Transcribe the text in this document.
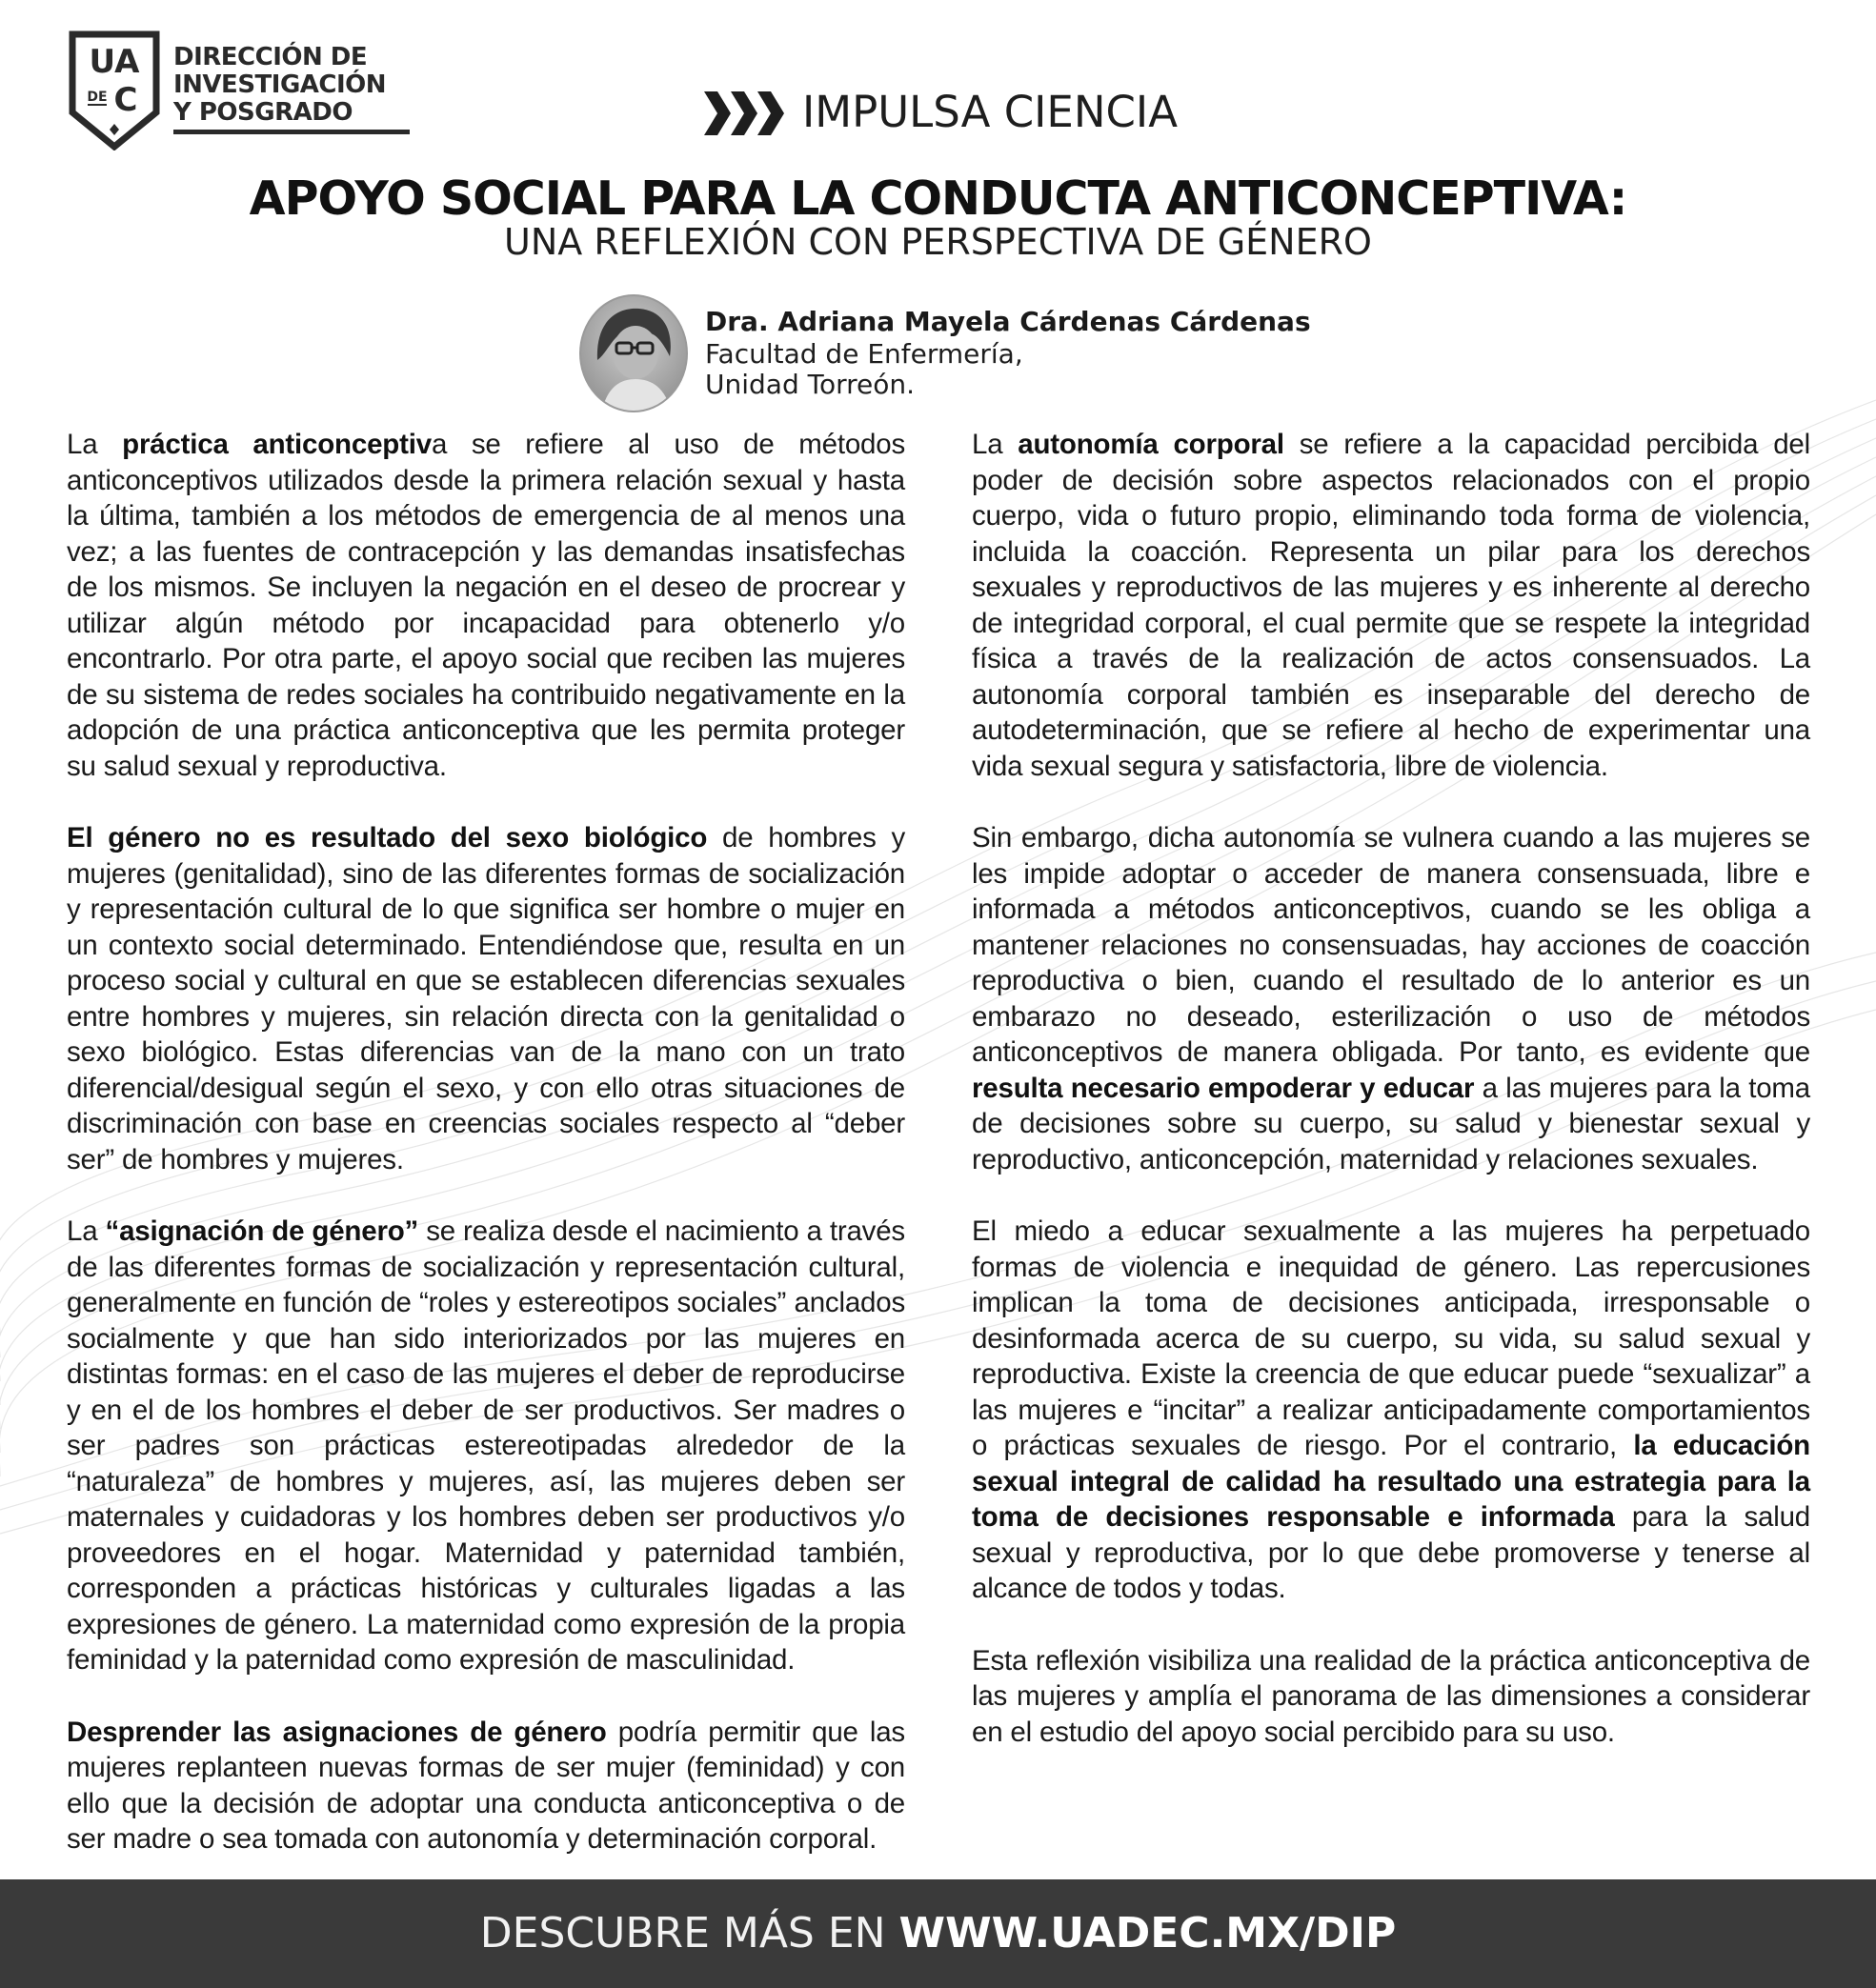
UA
DE C
DIRECCIÓN DE
INVESTIGACIÓN
Y POSGRADO	IMPULSA CIENCIA
APOYO SOCIAL PARA LA CONDUCTA ANTICONCEPTIVA:
UNA REFLEXIÓN CON PERSPECTIVA DE GÉNERO
Dra. Adriana Mayela Cárdenas Cárdenas
Facultad de Enfermería,
Unidad Torreón.

La práctica anticonceptiva se refiere al uso de métodos anticonceptivos utilizados desde la primera relación sexual y hasta la última, también a los métodos de emergencia de al menos una vez; a las fuentes de contracepción y las demandas insatisfechas de los mismos. Se incluyen la negación en el deseo de procrear y utilizar algún método por incapacidad para obtenerlo y/o encontrarlo. Por otra parte, el apoyo social que reciben las mujeres de su sistema de redes sociales ha contribuido negativamente en la adopción de una práctica anticonceptiva que les permita proteger su salud sexual y reproductiva.

El género no es resultado del sexo biológico de hombres y mujeres (genitalidad), sino de las diferentes formas de socialización y representación cultural de lo que significa ser hombre o mujer en un contexto social determinado. Entendiéndose que, resulta en un proceso social y cultural en que se establecen diferencias sexuales entre hombres y mujeres, sin relación directa con la genitalidad o sexo biológico. Estas diferencias van de la mano con un trato diferencial/desigual según el sexo, y con ello otras situaciones de discriminación con base en creencias sociales respecto al “deber ser” de hombres y mujeres.

La “asignación de género” se realiza desde el nacimiento a través de las diferentes formas de socialización y representación cultural, generalmente en función de “roles y estereotipos sociales” anclados socialmente y que han sido interiorizados por las mujeres en distintas formas: en el caso de las mujeres el deber de reproducirse y en el de los hombres el deber de ser productivos. Ser madres o ser padres son prácticas estereotipadas alrededor de la “naturaleza” de hombres y mujeres, así, las mujeres deben ser maternales y cuidadoras y los hombres deben ser productivos y/o proveedores en el hogar. Maternidad y paternidad también, corresponden a prácticas históricas y culturales ligadas a las expresiones de género. La maternidad como expresión de la propia feminidad y la paternidad como expresión de masculinidad.

Desprender las asignaciones de género podría permitir que las mujeres replanteen nuevas formas de ser mujer (feminidad) y con ello que la decisión de adoptar una conducta anticonceptiva o de ser madre o sea tomada con autonomía y determinación corporal.

La autonomía corporal se refiere a la capacidad percibida del poder de decisión sobre aspectos relacionados con el propio cuerpo, vida o futuro propio, eliminando toda forma de violencia, incluida la coacción. Representa un pilar para los derechos sexuales y reproductivos de las mujeres y es inherente al derecho de integridad corporal, el cual permite que se respete la integridad física a través de la realización de actos consensuados. La autonomía corporal también es inseparable del derecho de autodeterminación, que se refiere al hecho de experimentar una vida sexual segura y satisfactoria, libre de violencia.

Sin embargo, dicha autonomía se vulnera cuando a las mujeres se les impide adoptar o acceder de manera consensuada, libre e informada a métodos anticonceptivos, cuando se les obliga a mantener relaciones no consensuadas, hay acciones de coacción reproductiva o bien, cuando el resultado de lo anterior es un embarazo no deseado, esterilización o uso de métodos anticonceptivos de manera obligada. Por tanto, es evidente que resulta necesario empoderar y educar a las mujeres para la toma de decisiones sobre su cuerpo, su salud y bienestar sexual y reproductivo, anticoncepción, maternidad y relaciones sexuales.

El miedo a educar sexualmente a las mujeres ha perpetuado formas de violencia e inequidad de género. Las repercusiones implican la toma de decisiones anticipada, irresponsable o desinformada acerca de su cuerpo, su vida, su salud sexual y reproductiva. Existe la creencia de que educar puede “sexualizar” a las mujeres e “incitar” a realizar anticipadamente comportamientos o prácticas sexuales de riesgo. Por el contrario, la educación sexual integral de calidad ha resultado una estrategia para la toma de decisiones responsable e informada para la salud sexual y reproductiva, por lo que debe promoverse y tenerse al alcance de todos y todas.

Esta reflexión visibiliza una realidad de la práctica anticonceptiva de las mujeres y amplía el panorama de las dimensiones a considerar en el estudio del apoyo social percibido para su uso.

DESCUBRE MÁS EN WWW.UADEC.MX/DIP
